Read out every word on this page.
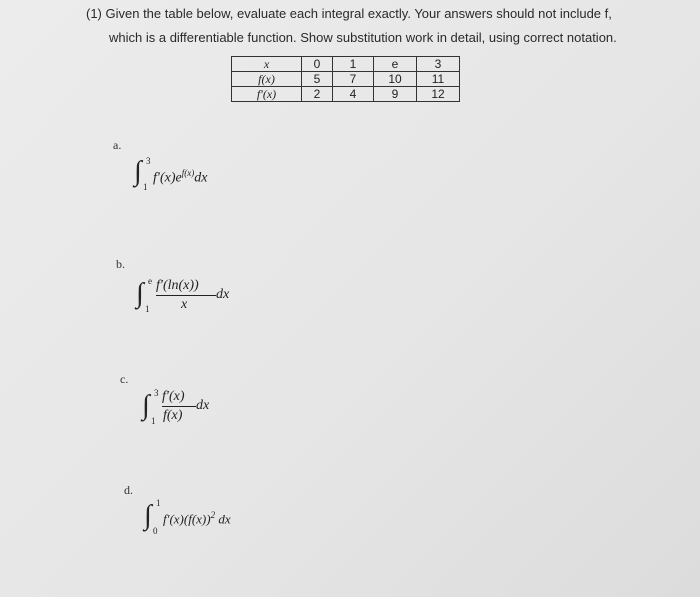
(1) Given the table below, evaluate each integral exactly. Your answers should not include f,
which is a differentiable function. Show substitution work in detail, using correct notation.
x	0	1	e	3
f(x)	5	7	10	11
f′(x)	2	4	9	12
a.
∫ 3
1
$f'(x)e^{f(x)}dx$
b.
∫ e
1
f′(ln(x))
x
dx
c.
∫ 3
1
f′(x)
f(x)
dx
d.
∫ 1
0
$f'(x)(f(x))^2$ dx
